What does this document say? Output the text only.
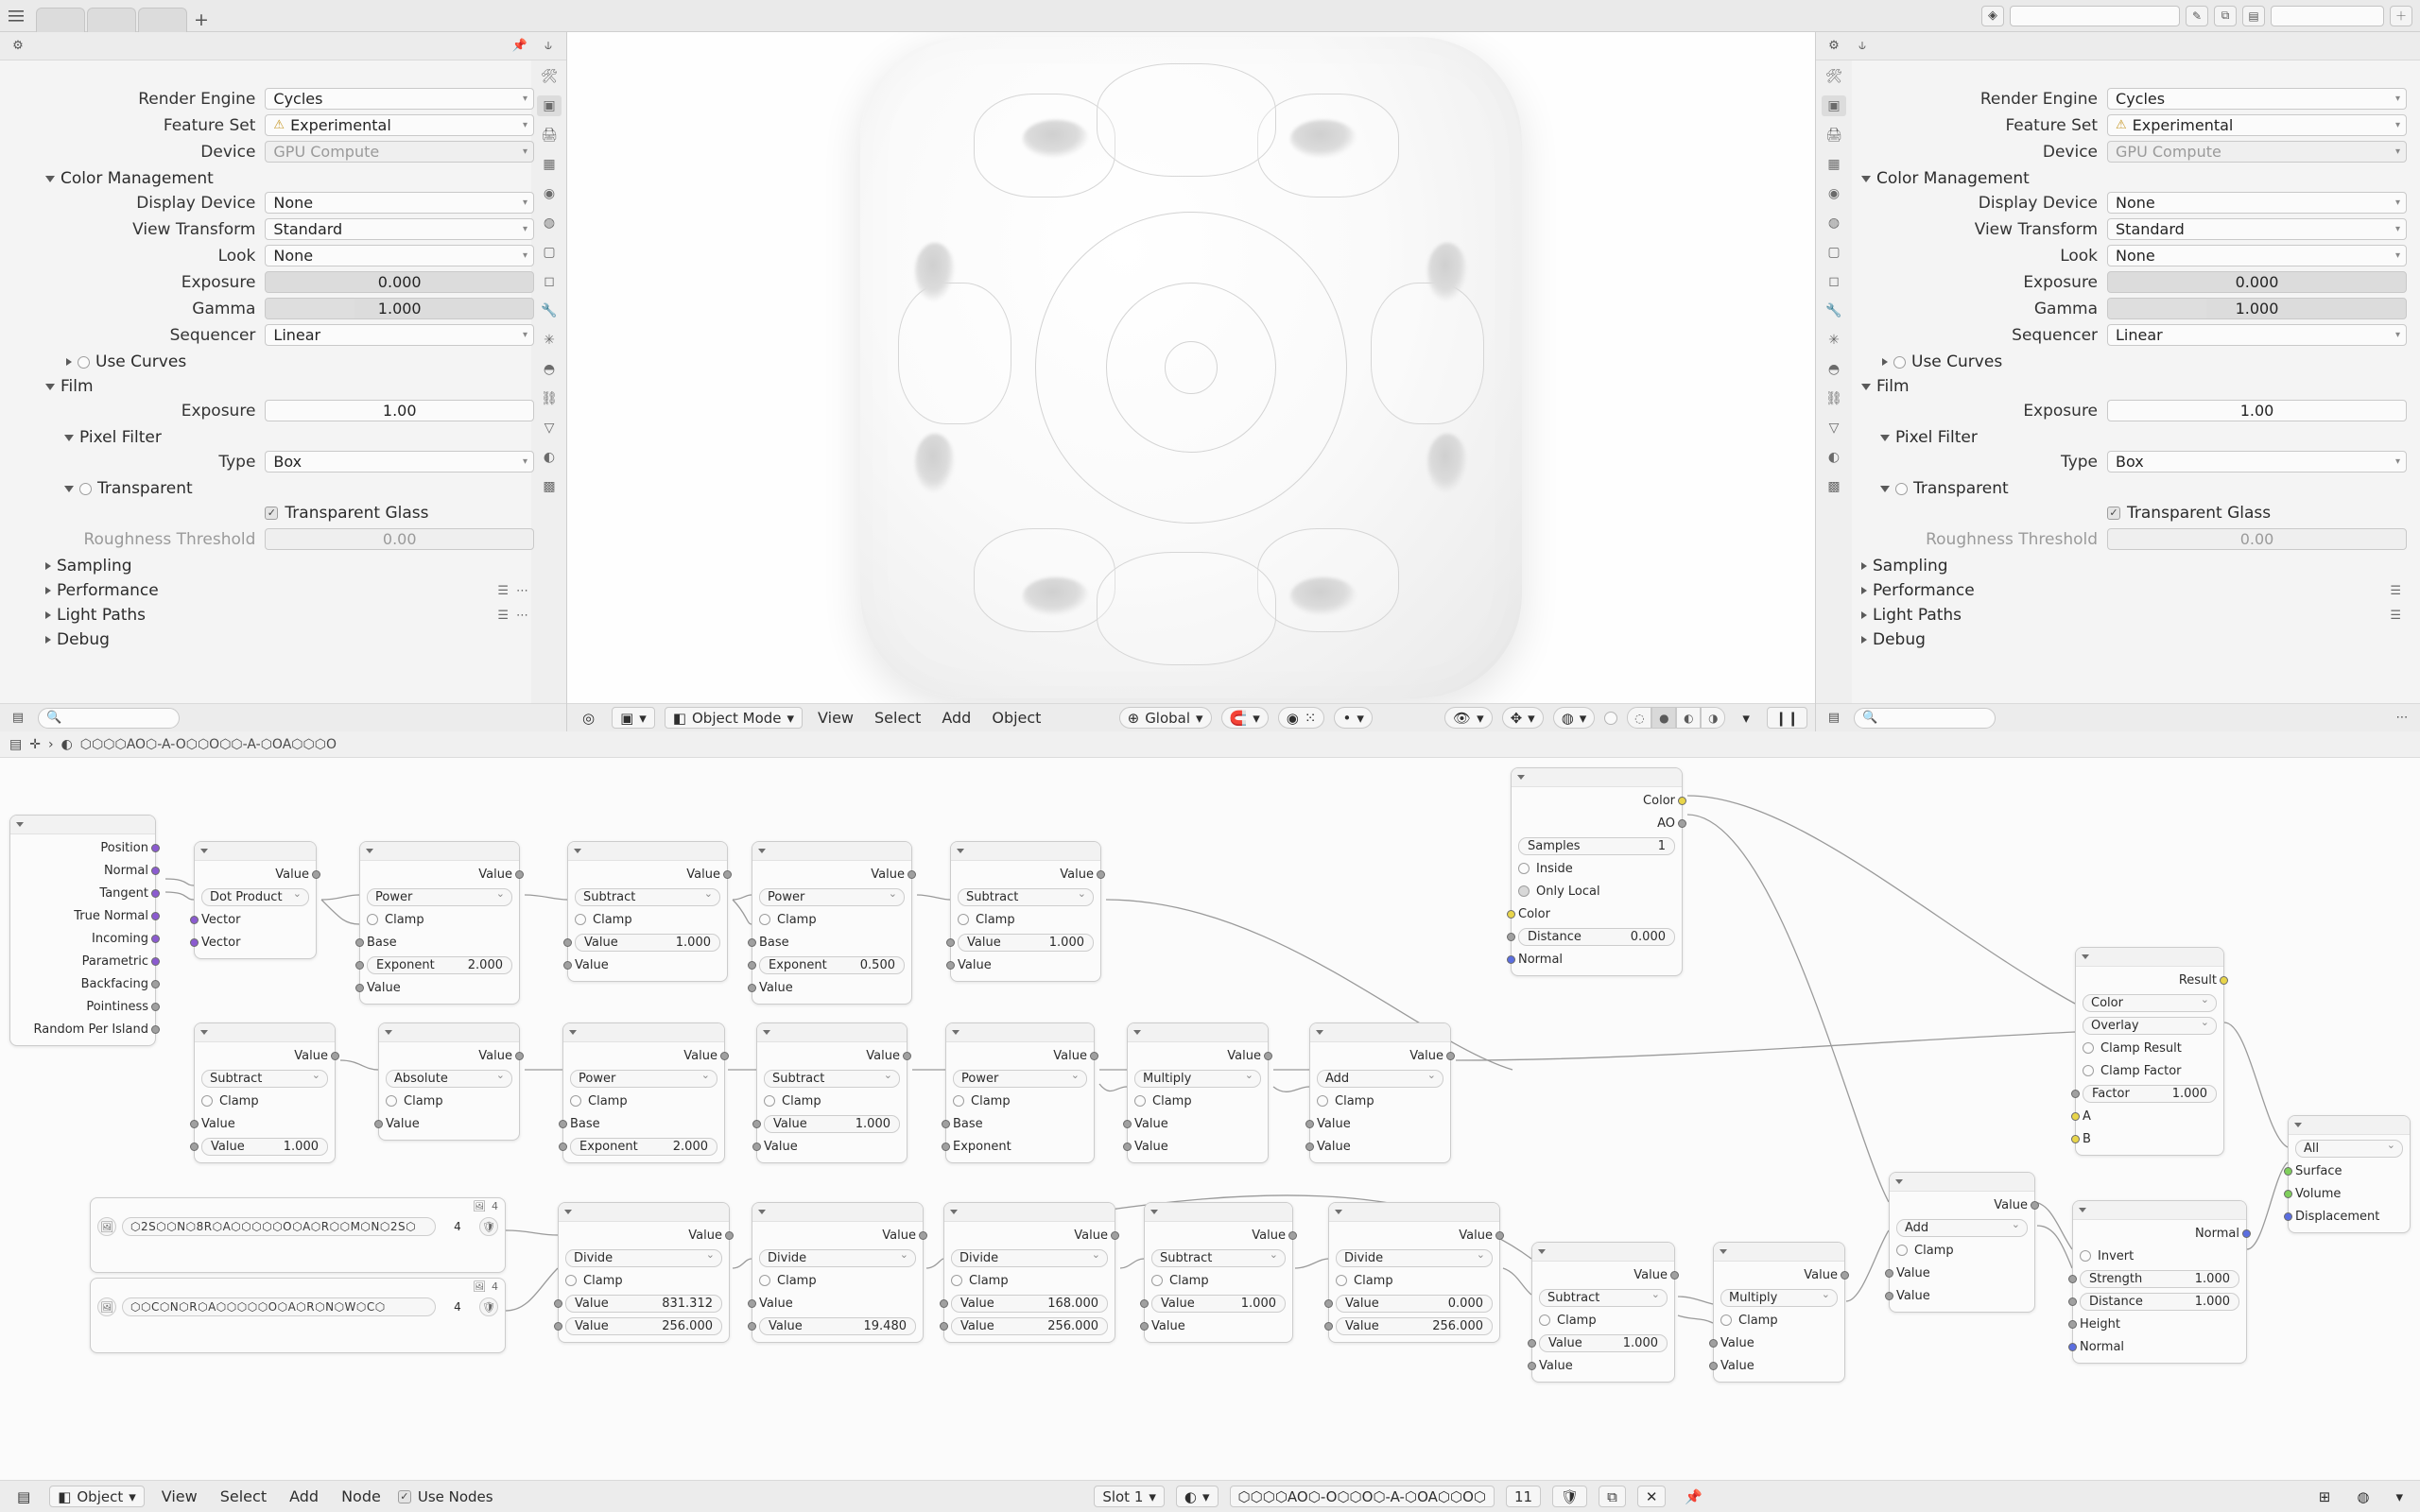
+	◈	✎	⧉	▤	＋
⚙	📌	⫝
🛠
▣
🖨
▦
◉
◍
▢
◻
🔧
✳
◓
⛓
▽
◐
▩
Render Engine	Cycles	▾
Feature Set	⚠ Experimental	▾
Device	GPU Compute	▾
Color Management
Display Device	None	▾
View Transform	Standard	▾
Look	None	▾
Exposure	0.000
Gamma	1.000
Sequencer	Linear	▾
Use Curves
Film
Exposure	1.00
Pixel Filter
Type	Box	▾
Transparent
✓ Transparent Glass
Roughness Threshold	0.00
Sampling
Performance	☰ ⋯
Light Paths	☰ ⋯
Debug
▤	🔍	◎	▣ ▾ ◧ Object Mode ▾	View	Select	Add	Object	⊕ Global ▾ 🧲 ▾ ◉ ⁙ • ▾	👁 ▾ ✥ ▾ ◍ ▾	◌	●	◐	◑	▾	❙❙
⚙	⫝
🛠
▣
🖨
▦
◉
◍
▢
◻
🔧
✳
◓
⛓
▽
◐
▩
Render Engine	Cycles	▾
Feature Set	⚠ Experimental	▾
Device	GPU Compute	▾
Color Management
Display Device	None	▾
View Transform	Standard	▾
Look	None	▾
Exposure	0.000
Gamma	1.000
Sequencer	Linear	▾
Use Curves
Film
Exposure	1.00
Pixel Filter
Type	Box	▾
Transparent
✓ Transparent Glass
Roughness Threshold	0.00
Sampling
Performance	☰
Light Paths	☰
Debug
▤	🔍	⋯
▤ ✛ › ◐ ⬡⬡⬡⬡AO⬡-A-O⬡⬡O⬡⬡-A-⬡OA⬡⬡⬡O
Position
Normal
Tangent
True Normal
Incoming
Parametric
Backfacing
Pointiness
Random Per Island
Value
Dot Product ⌄
Vector
Vector
Value
Power ⌄
Clamp
Base
Exponent	2.000
Value
Value
Subtract ⌄
Clamp
Value	1.000
Value
Value
Power ⌄
Clamp
Base
Exponent	0.500
Value
Value
Subtract ⌄
Clamp
Value	1.000
Value
Color
AO
Samples	1
Inside
Only Local
Color
Distance	0.000
Normal
Value
Subtract ⌄
Clamp
Value
Value	1.000
Value
Absolute ⌄
Clamp
Value
Value
Power ⌄
Clamp
Base
Exponent	2.000
Value
Subtract ⌄
Clamp
Value	1.000
Value
Value
Power ⌄
Clamp
Base
Exponent
Value
Multiply ⌄
Clamp
Value
Value
Value
Add ⌄
Clamp
Value
Value
Result
Color ⌄
Overlay ⌄
Clamp Result
Clamp Factor
Factor	1.000
A
B
Value
Add ⌄
Clamp
Value
Value
Normal
Invert
Strength	1.000
Distance	1.000
Height
Normal
All ⌄
Surface
Volume
Displacement
Value
Divide ⌄
Clamp
Value	831.312
Value	256.000
Value
Divide ⌄
Clamp
Value
Value	19.480
Value
Divide ⌄
Clamp
Value	168.000
Value	256.000
Value
Subtract ⌄
Clamp
Value	1.000
Value
Value
Divide ⌄
Clamp
Value	0.000
Value	256.000
Value
Subtract ⌄
Clamp
Value	1.000
Value
Value
Multiply ⌄
Clamp
Value
Value
🖼 4
🖼	⬡2S⬡⬡N⬡8R⬡A⬡⬡⬡⬡⬡O⬡A⬡R⬡⬡M⬡N⬡2S⬡	4	🛡
🖼 4
🖼	⬡⬡C⬡N⬡R⬡A⬡⬡⬡⬡⬡O⬡A⬡R⬡N⬡W⬡C⬡	4	🛡
▤	◧ Object ▾	View	Select	Add	Node	✓ Use Nodes	Slot 1 ▾ ◐ ▾ ⬡⬡⬡⬡AO⬡-O⬡⬡O⬡-A-⬡OA⬡⬡O⬡	11	🛡	⧉	✕	📌	⊞	◍	▾
